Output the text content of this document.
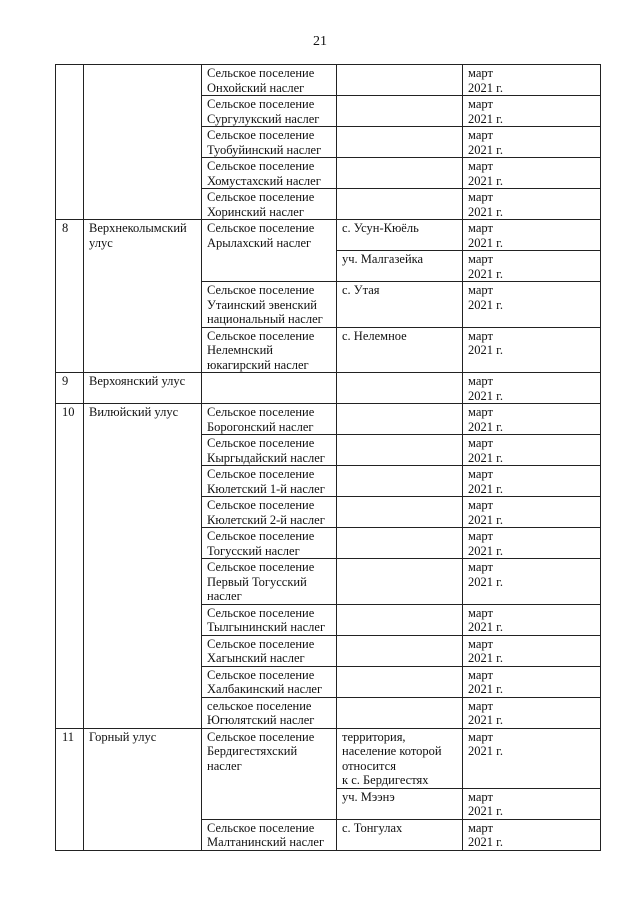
21
		Сельское поселение
Онхойский наслег		март
2021 г.
		Сельское поселение
Сургулукский наслег		март
2021 г.
		Сельское поселение
Туобуйинский наслег		март
2021 г.
		Сельское поселение
Хомустахский наслег		март
2021 г.
		Сельское поселение
Хоринский наслег		март
2021 г.
8	Верхнеколымский
улус	Сельское поселение
Арылахский наслег	с. Усун-Кюёль	март
2021 г.
			уч. Малгазейка	март
2021 г.
		Сельское поселение
Утаинский эвенский
национальный наслег	с. Утая	март
2021 г.
		Сельское поселение
Нелемнский
юкагирский наслег	с. Нелемное	март
2021 г.
9	Верхоянский улус			март
2021 г.
10	Вилюйский улус	Сельское поселение
Борогонский наслег		март
2021 г.
		Сельское поселение
Кыргыдайский наслег		март
2021 г.
		Сельское поселение
Кюлетский 1-й наслег		март
2021 г.
		Сельское поселение
Кюлетский 2-й наслег		март
2021 г.
		Сельское поселение
Тогусский наслег		март
2021 г.
		Сельское поселение
Первый Тогусский
наслег		март
2021 г.
		Сельское поселение
Тылгынинский наслег		март
2021 г.
		Сельское поселение
Хагынский наслег		март
2021 г.
		Сельское поселение
Халбакинский наслег		март
2021 г.
		сельское поселение
Югюлятский наслег		март
2021 г.
11	Горный улус	Сельское поселение
Бердигестяхский
наслег	территория,
население которой
относится
к с. Бердигестях	март
2021 г.
			уч. Мээнэ	март
2021 г.
		Сельское поселение
Малтанинский наслег	с. Тонгулах	март
2021 г.
